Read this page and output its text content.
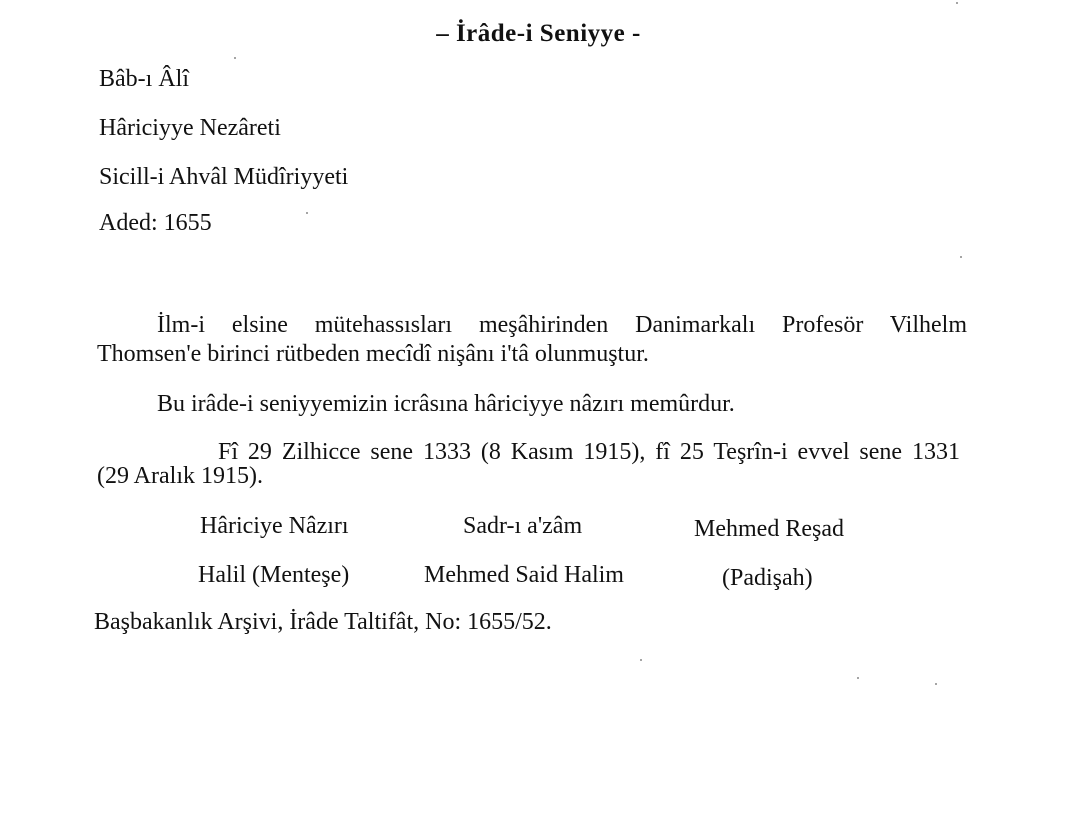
– İrâde-i Seniyye -
Bâb-ı Âlî
Hâriciyye Nezâreti
Sicill-i Ahvâl Müdîriyyeti
Aded: 1655
İlm-i elsine mütehassısları meşâhirinden Danimarkalı Profesör Vilhelm
Thomsen'e birinci rütbeden mecîdî nişânı i'tâ olunmuştur.
Bu irâde-i seniyyemizin icrâsına hâriciyye nâzırı memûrdur.
Fî 29 Zilhicce sene 1333 (8 Kasım 1915), fî 25 Teşrîn-i evvel sene 1331
(29 Aralık 1915).
Hâriciye Nâzırı	Sadr-ı a'zâm	Mehmed Reşad
Halil (Menteşe)	Mehmed Said Halim	(Padişah)
Başbakanlık Arşivi, İrâde Taltifât, No: 1655/52.
